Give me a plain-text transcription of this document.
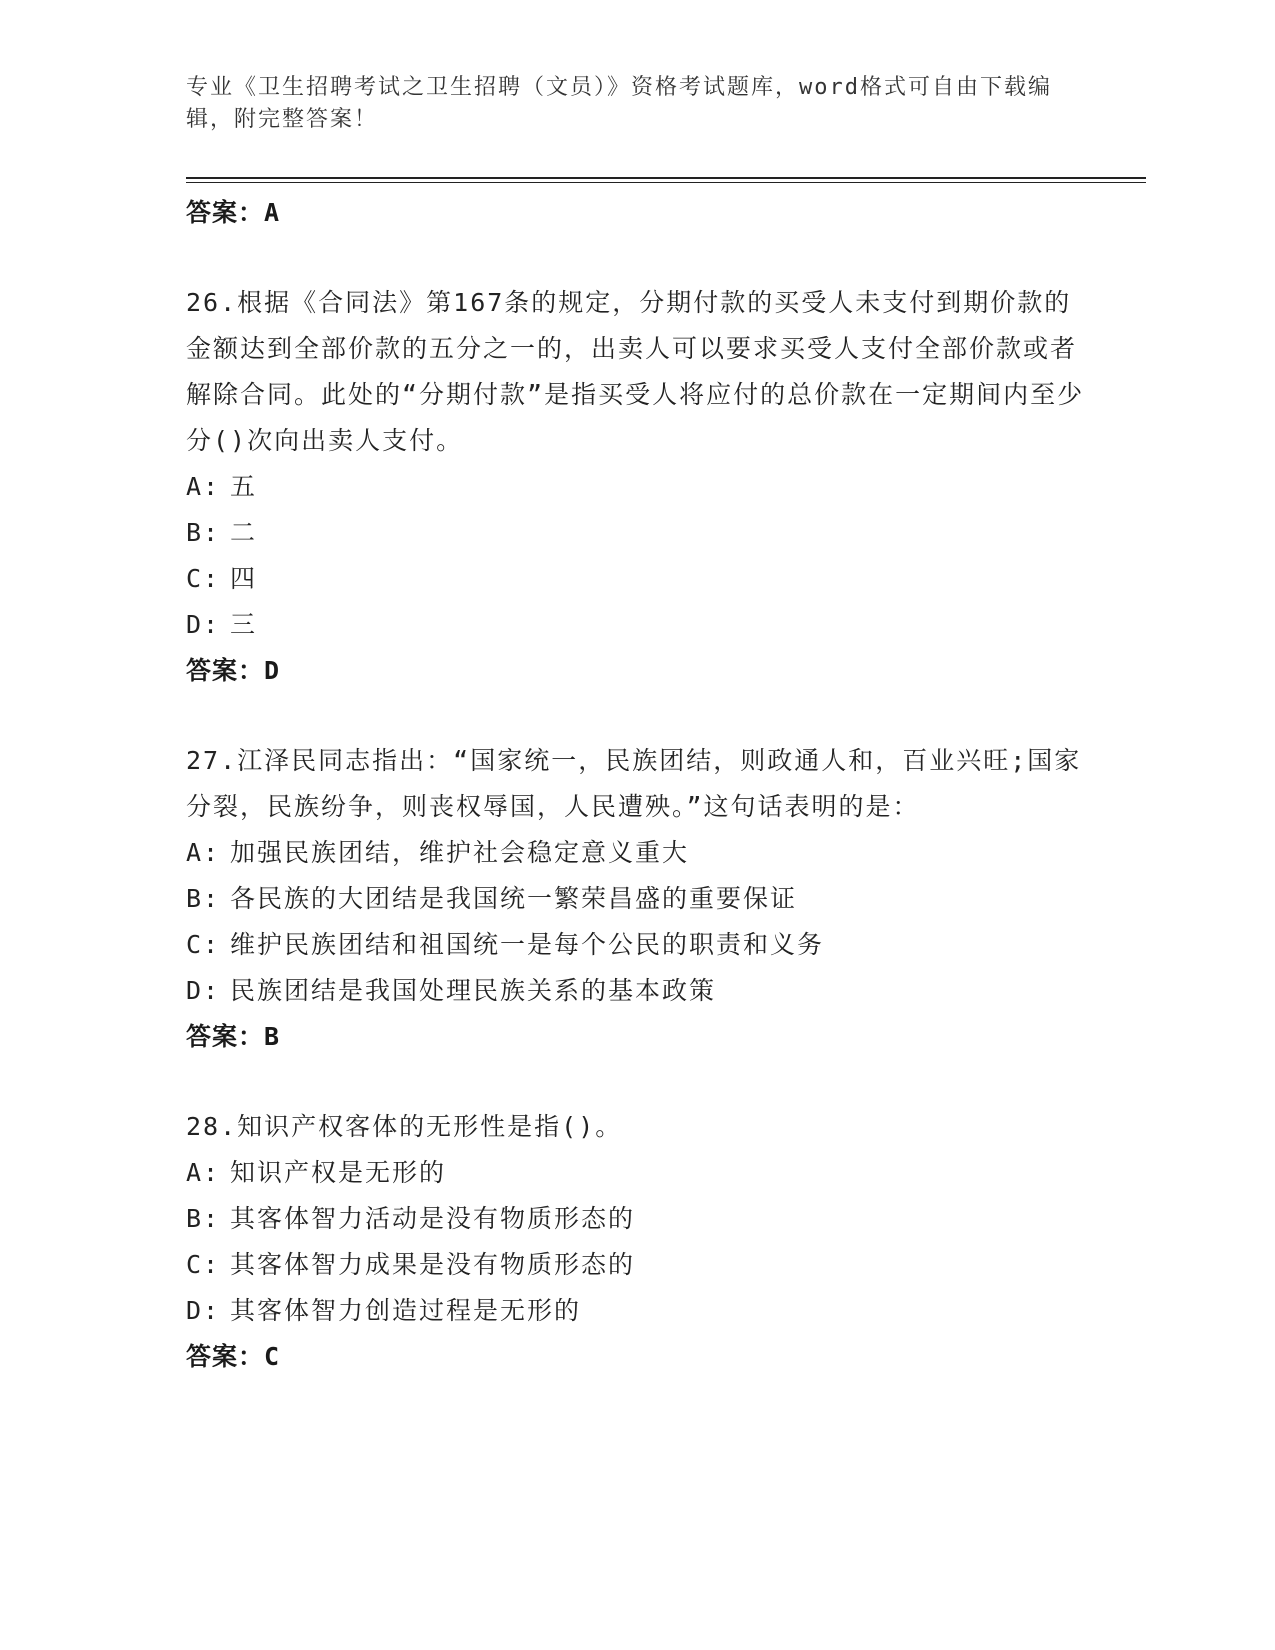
专业《卫生招聘考试之卫生招聘（文员）》资格考试题库，word格式可自由下载编辑，附完整答案！
答案：A
26.根据《合同法》第167条的规定，分期付款的买受人未支付到期价款的金额达到全部价款的五分之一的，出卖人可以要求买受人支付全部价款或者解除合同。此处的“分期付款”是指买受人将应付的总价款在一定期间内至少分()次向出卖人支付。
A: 五
B: 二
C: 四
D: 三
答案：D
27.江泽民同志指出：“国家统一，民族团结，则政通人和，百业兴旺;国家分裂，民族纷争，则丧权辱国，人民遭殃。”这句话表明的是：
A: 加强民族团结，维护社会稳定意义重大
B: 各民族的大团结是我国统一繁荣昌盛的重要保证
C: 维护民族团结和祖国统一是每个公民的职责和义务
D: 民族团结是我国处理民族关系的基本政策
答案：B
28.知识产权客体的无形性是指()。
A: 知识产权是无形的
B: 其客体智力活动是没有物质形态的
C: 其客体智力成果是没有物质形态的
D: 其客体智力创造过程是无形的
答案：C
